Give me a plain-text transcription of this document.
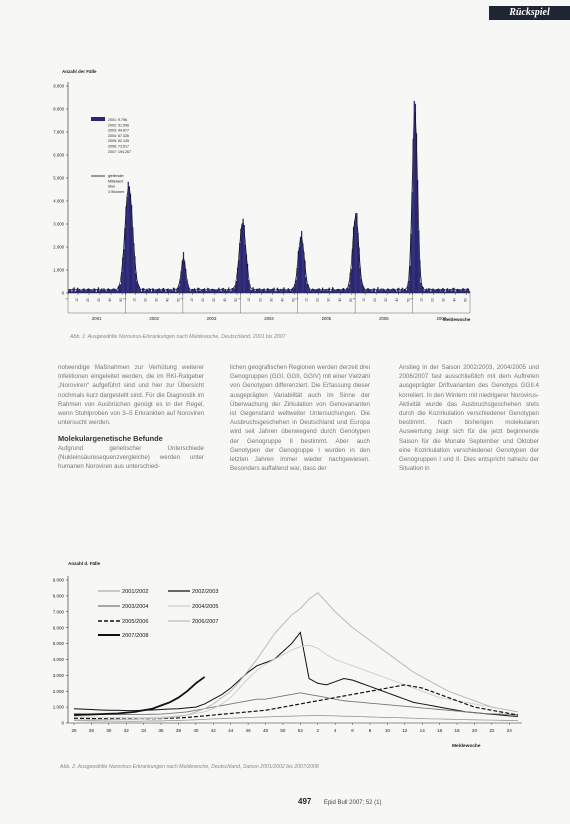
Rückspiel
Anzahl der Fälle
9.000
8.000
7.000
6.000
5.000
4.000
3.000
2.000
1.000
0
1 10 20 30 40 50 1 10 20 30 40 50 1 10 20 30 40 50 1 10 20 30 40 50 1 10 20 30 40 50 1 10 20 30 40 50 1 10 20 30 40 50
2001	2002	2003	2004	2005	2006	2007
Meldewoche
2001: 9.796
2002: 51.596
2003: 44.877
2004: 67.326
2005: 62.145
2006: 73.617
2007: 194.267
gleitender
Mittelwert
über
3 Wochen
Abb. 1: Ausgewählte Norovirus-Erkrankungen nach Meldewoche, Deutschland, 2001 bis 2007

notwendige Maßnahmen zur Verhütung weiterer Infektionen eingeleitet werden, die im RKI-Ratgeber „Noroviren“ aufgeführt sind und hier zur Übersicht nochmals kurz dargestellt sind. Für die Diagnostik im Rahmen von Ausbrüchen genügt es in der Regel, wenn Stuhlproben von 3–5 Erkrankten auf Noroviren untersucht werden.

Molekulargenetische Befunde

Aufgrund genetischer Unterschiede (Nukleinsäuresequenzvergleiche) werden unter humanen Noroviren aus unterschied-

lichen geografischen Regionen werden derzeit drei Genogruppen (GGI, GGII, GGIV) mit einer Vielzahl von Genotypen differenziert. Die Erfassung dieser ausgeprägten Variabilität auch im Sinne der Überwachung der Zirkulation von Genovarianten ist Gegenstand weltweiter Untersuchungen. Die Ausbruchsgeschehen in Deutschland und Europa wird seit Jahren überwiegend durch Genotypen der Genogruppe II bestimmt. Aber auch Genotypen der Genogruppe I wurden in den letzten Jahren immer wieder nachgewiesen. Besonders auffallend war, dass der

Anstieg in der Saison 2002/2003, 2004/2005 und 2006/2007 fast ausschließlich mit dem Auftreten ausgeprägter Driftvarianten des Genotyps GGII.4 korreliert. In den Wintern mit niedrigerer Norovirus-Aktivität wurde das Ausbruchsgeschehen stets durch die Kozirkulation verschiedener Genotypen bestimmt. Nach bisherigen molekularen Auswertung zeigt sich für die jetzt beginnende Saison für die Monate September und Oktober eine Kozirkulation verschiedener Genotypen der Genogruppen I und II. Dies entspricht nahezu der Situation in

Anzahl d. Fälle
9.000
8.000
7.000
6.000
5.000
4.000
3.000
2.000
1.000
0
26	28	30	32	34	36	38	40	42	44	46	48	50	52	2	4	6	8	10	12	14	16	18	20	22	24
Meldewoche
2001/2002	2002/2003
2003/2004	2004/2005
2005/2006	2006/2007
2007/2008
Abb. 2: Ausgewählte Norovirus-Erkrankungen nach Meldewoche, Deutschland, Saison 2001/2002 bis 2007/2008
497 Epid Bull 2007; 52 (1)
